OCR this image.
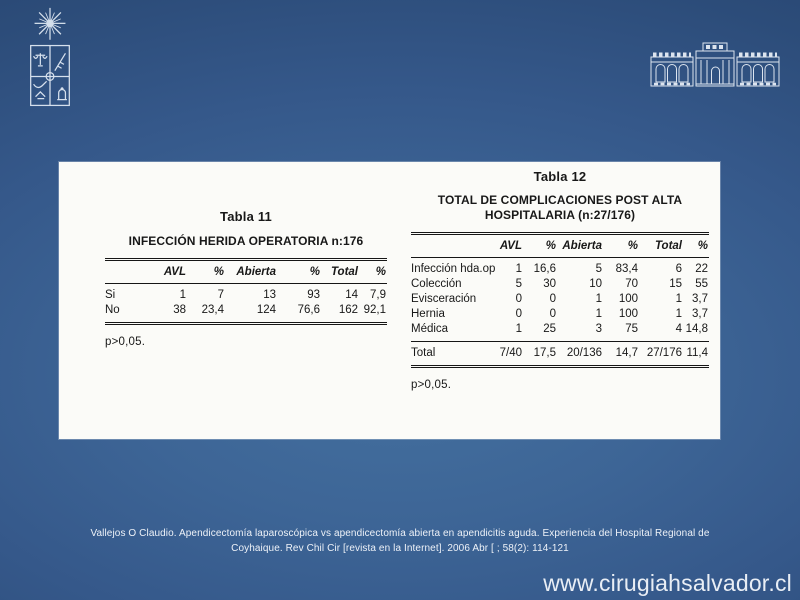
Tabla 11
INFECCIÓN HERIDA OPERATORIA n:176
	AVL	%	Abierta	%	Total	%
Si	1	7	13	93	14	7,9
No	38	23,4	124	76,6	162	92,1
p>0,05.
Tabla 12
TOTAL DE COMPLICACIONES POST ALTA HOSPITALARIA (n:27/176)
	AVL	%	Abierta	%	Total	%
Infección hda.op	1	16,6	5	83,4	6	22
Colección	5	30	10	70	15	55
Evisceración	0	0	1	100	1	3,7
Hernia	0	0	1	100	1	3,7
Médica	1	25	3	75	4	14,8
Total	7/40	17,5	20/136	14,7	27/176	11,4
p>0,05.
Vallejos O Claudio. Apendicectomía laparoscópica vs apendicectomía abierta en apendicitis aguda. Experiencia del Hospital Regional de
Coyhaique. Rev Chil Cir [revista en la Internet]. 2006 Abr [ ; 58(2): 114-121
www.cirugiahsalvador.cl
